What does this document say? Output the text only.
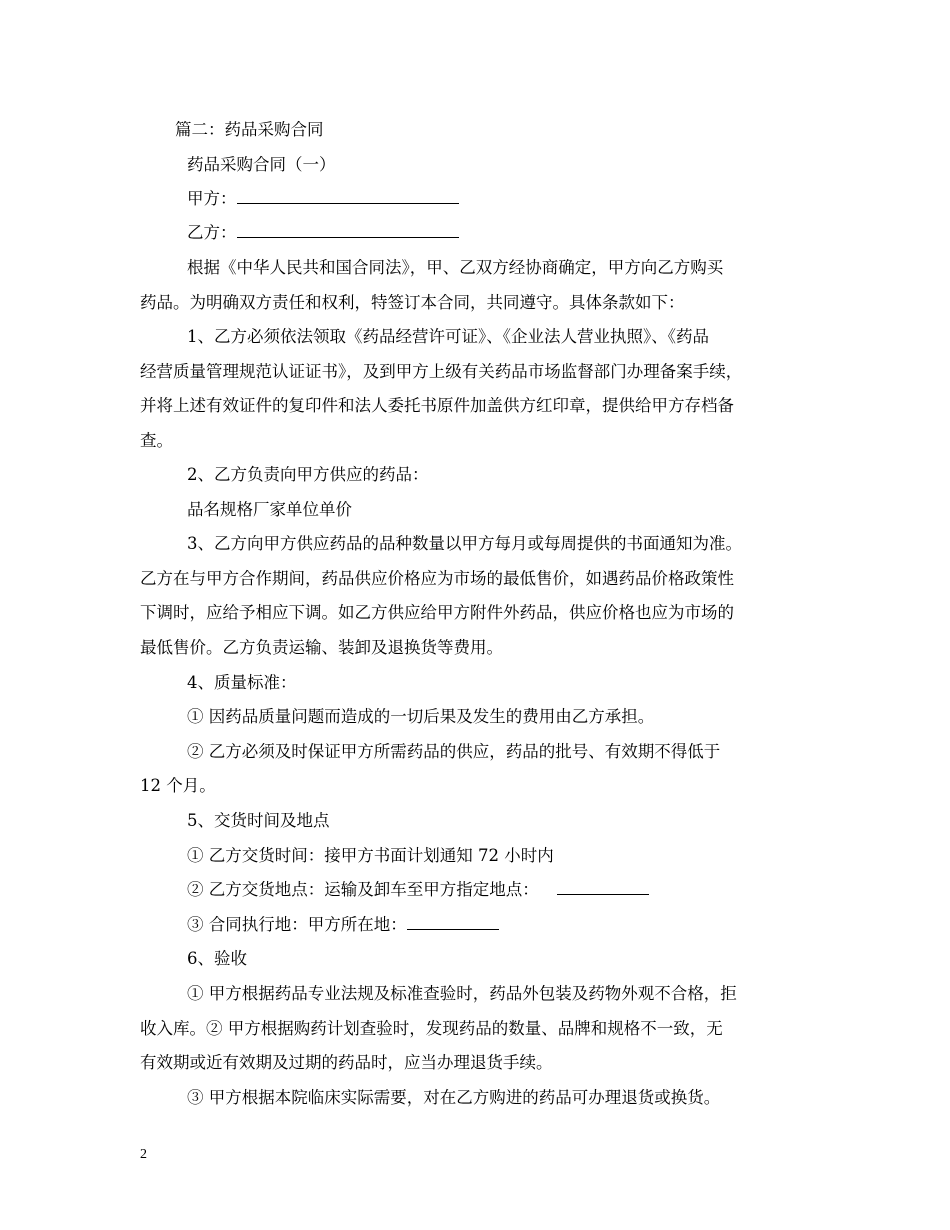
篇二：药品采购合同
药品采购合同（一）
甲方：
乙方：
根据《中华人民共和国合同法》，甲、乙双方经协商确定，甲方向乙方购买
药品。为明确双方责任和权利，特签订本合同，共同遵守。具体条款如下：
1、乙方必须依法领取《药品经营许可证》、《企业法人营业执照》、《药品
经营质量管理规范认证证书》，及到甲方上级有关药品市场监督部门办理备案手续，
并将上述有效证件的复印件和法人委托书原件加盖供方红印章，提供给甲方存档备
查。
2、乙方负责向甲方供应的药品：
品名规格厂家单位单价
3、乙方向甲方供应药品的品种数量以甲方每月或每周提供的书面通知为准。
乙方在与甲方合作期间，药品供应价格应为市场的最低售价，如遇药品价格政策性
下调时，应给予相应下调。如乙方供应给甲方附件外药品，供应价格也应为市场的
最低售价。乙方负责运输、装卸及退换货等费用。
4、质量标准：
① 因药品质量问题而造成的一切后果及发生的费用由乙方承担。
② 乙方必须及时保证甲方所需药品的供应，药品的批号、有效期不得低于
12 个月。
5、交货时间及地点
① 乙方交货时间：接甲方书面计划通知 72 小时内
② 乙方交货地点：运输及卸车至甲方指定地点：
③ 合同执行地：甲方所在地：
6、验收
① 甲方根据药品专业法规及标准查验时，药品外包装及药物外观不合格，拒
收入库。② 甲方根据购药计划查验时，发现药品的数量、品牌和规格不一致，无
有效期或近有效期及过期的药品时，应当办理退货手续。
③ 甲方根据本院临床实际需要，对在乙方购进的药品可办理退货或换货。
2
